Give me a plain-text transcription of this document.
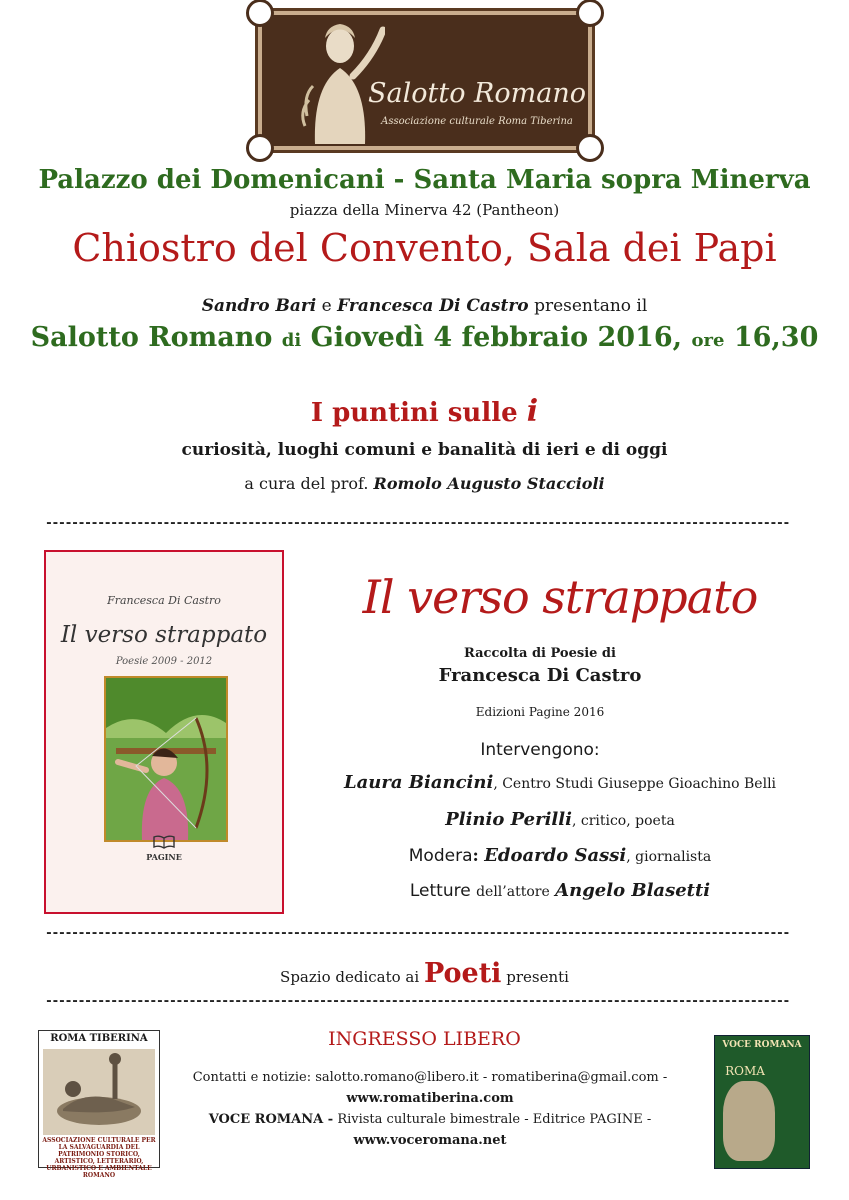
Salotto Romano
Associazione culturale Roma Tiberina
Palazzo dei Domenicani - Santa Maria sopra Minerva
piazza della Minerva 42 (Pantheon)
Chiostro del Convento, Sala dei Papi
Sandro Bari e Francesca Di Castro presentano il
Salotto Romano di Giovedì 4 febbraio 2016, ore 16,30
I puntini sulle i
curiosità, luoghi comuni e banalità di ieri e di oggi
a cura del prof. Romolo Augusto Staccioli
------------------------------------------------------------------------------------------------------------------
Francesca Di Castro
Il verso strappato
Poesie 2009 - 2012
PAGINE
Il verso strappato
Raccolta di Poesie di
Francesca Di Castro
Edizioni Pagine 2016
Intervengono:
Laura Biancini, Centro Studi Giuseppe Gioachino Belli
Plinio Perilli, critico, poeta
Modera: Edoardo Sassi, giornalista
Letture dell’attore Angelo Blasetti
------------------------------------------------------------------------------------------------------------------
Spazio dedicato ai Poeti presenti
------------------------------------------------------------------------------------------------------------------
INGRESSO LIBERO
Contatti e notizie: salotto.romano@libero.it - romatiberina@gmail.com -
www.romatiberina.com
VOCE ROMANA - Rivista culturale bimestrale - Editrice PAGINE -
www.voceromana.net
ROMA TIBERINA
ASSOCIAZIONE CULTURALE PER LA SALVAGUARDIA DEL PATRIMONIO STORICO, ARTISTICO, LETTERARIO, URBANISTICO E AMBIENTALE ROMANO
VOCE ROMANA
ROMA
